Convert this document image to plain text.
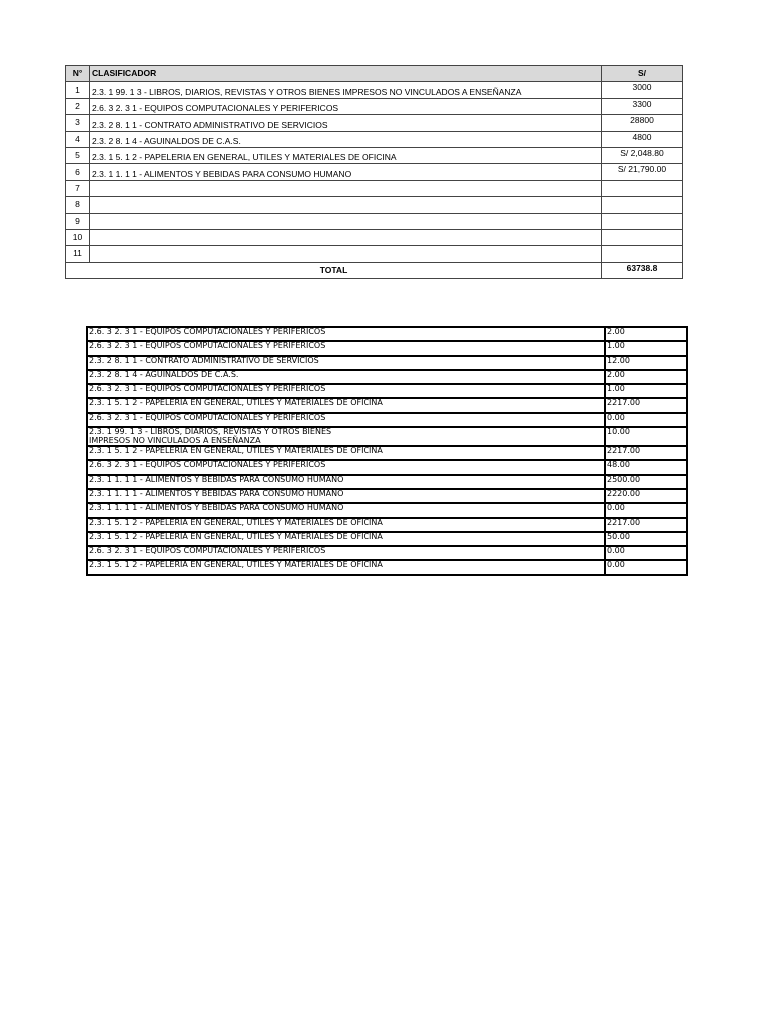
N°	CLASIFICADOR	S/
1	2.3. 1 99. 1 3 - LIBROS, DIARIOS, REVISTAS Y OTROS BIENES IMPRESOS NO VINCULADOS A ENSEÑANZA	3000
2	2.6. 3 2. 3 1 - EQUIPOS COMPUTACIONALES Y PERIFERICOS	3300
3	2.3. 2 8. 1 1 - CONTRATO ADMINISTRATIVO DE SERVICIOS	28800
4	2.3. 2 8. 1 4 - AGUINALDOS DE C.A.S.	4800
5	2.3. 1 5. 1 2 - PAPELERIA EN GENERAL, UTILES Y MATERIALES DE OFICINA	S/ 2,048.80
6	2.3. 1 1. 1 1 - ALIMENTOS Y BEBIDAS PARA CONSUMO HUMANO	S/ 21,790.00
7		
8		
9		
10		
11		
TOTAL		63738.8
2.6. 3 2. 3 1 - EQUIPOS COMPUTACIONALES Y PERIFERICOS	2.00
2.6. 3 2. 3 1 - EQUIPOS COMPUTACIONALES Y PERIFERICOS	1.00
2.3. 2 8. 1 1 - CONTRATO ADMINISTRATIVO DE SERVICIOS	12.00
2.3. 2 8. 1 4 - AGUINALDOS DE C.A.S.	2.00
2.6. 3 2. 3 1 - EQUIPOS COMPUTACIONALES Y PERIFERICOS	1.00
2.3. 1 5. 1 2 - PAPELERIA EN GENERAL, UTILES Y MATERIALES DE OFICINA	2217.00
2.6. 3 2. 3 1 - EQUIPOS COMPUTACIONALES Y PERIFERICOS	0.00

2.3. 1 99. 1 3 - LIBROS, DIARIOS, REVISTAS Y OTROS BIENES IMPRESOS NO VINCULADOS A ENSEÑANZA	10.00
2.3. 1 5. 1 2 - PAPELERIA EN GENERAL, UTILES Y MATERIALES DE OFICINA	2217.00
2.6. 3 2. 3 1 - EQUIPOS COMPUTACIONALES Y PERIFERICOS	48.00
2.3. 1 1. 1 1 - ALIMENTOS Y BEBIDAS PARA CONSUMO HUMANO	2500.00
2.3. 1 1. 1 1 - ALIMENTOS Y BEBIDAS PARA CONSUMO HUMANO	2220.00
2.3. 1 1. 1 1 - ALIMENTOS Y BEBIDAS PARA CONSUMO HUMANO	0.00
2.3. 1 5. 1 2 - PAPELERIA EN GENERAL, UTILES Y MATERIALES DE OFICINA	2217.00
2.3. 1 5. 1 2 - PAPELERIA EN GENERAL, UTILES Y MATERIALES DE OFICINA	50.00
2.6. 3 2. 3 1 - EQUIPOS COMPUTACIONALES Y PERIFERICOS	0.00
2.3. 1 5. 1 2 - PAPELERIA EN GENERAL, UTILES Y MATERIALES DE OFICINA	0.00
